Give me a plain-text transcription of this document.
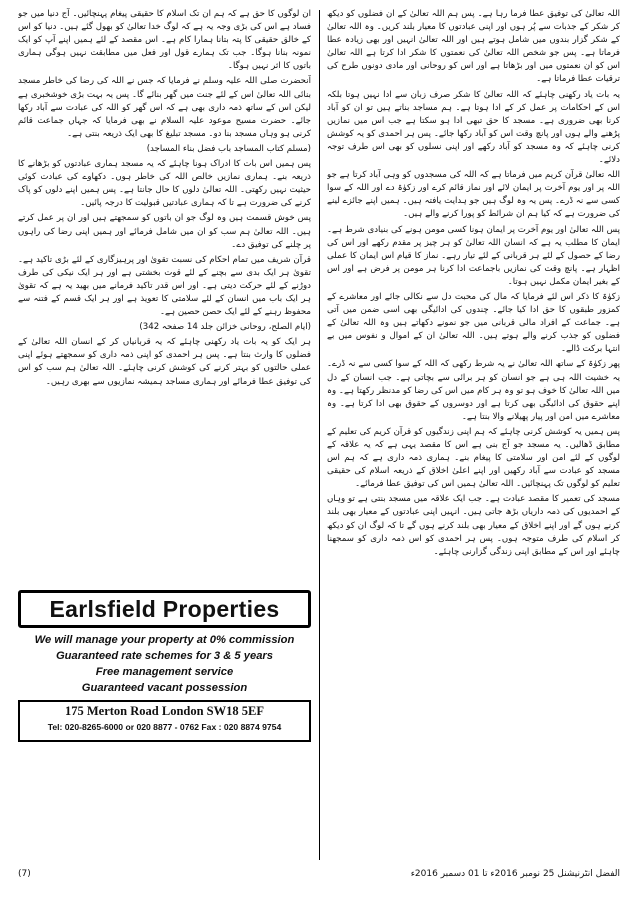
اللہ تعالیٰ کی توفیق عطا فرما رہا ہے۔ پس ہم اللہ تعالیٰ کے ان فضلوں کو دیکھ کر شکر کے جذبات سے پُر ہوں اور اپنی عبادتوں کا معیار بلند کریں۔ وہ اللہ تعالیٰ کے شکر گزار بندوں میں شامل ہوتے ہیں اور اللہ تعالیٰ انہیں اور بھی زیادہ عطا فرماتا ہے۔ پس جو شخص اللہ تعالیٰ کی نعمتوں کا شکر ادا کرتا ہے اللہ تعالیٰ اس کو ان نعمتوں میں اور بڑھاتا ہے اور اس کو روحانی اور مادی دونوں طرح کی ترقیات عطا فرماتا ہے۔

یہ بات یاد رکھنی چاہئے کہ اللہ تعالیٰ کا شکر صرف زبان سے ادا نہیں ہوتا بلکہ اس کے احکامات پر عمل کر کے ادا ہوتا ہے۔ ہم مساجد بناتے ہیں تو ان کو آباد کرنا بھی ضروری ہے۔ مسجد کا حق تبھی ادا ہو سکتا ہے جب اس میں نمازیں پڑھنے والے ہوں اور پانچ وقت اس کو آباد رکھا جائے۔ پس ہر احمدی کو یہ کوشش کرنی چاہئے کہ وہ مسجد کو آباد رکھے اور اپنی نسلوں کو بھی اس طرف توجہ دلائے۔

اللہ تعالیٰ قرآن کریم میں فرماتا ہے کہ اللہ کی مسجدوں کو وہی آباد کرتا ہے جو اللہ پر اور یوم آخرت پر ایمان لائے اور نماز قائم کرے اور زکوٰۃ دے اور اللہ کے سوا کسی سے نہ ڈرے۔ پس یہ وہ لوگ ہیں جو ہدایت یافتہ ہیں۔ ہمیں اپنے جائزے لینے کی ضرورت ہے کہ کیا ہم ان شرائط کو پورا کرنے والے ہیں۔

پس اللہ تعالیٰ اور یوم آخرت پر ایمان ہونا کسی مومن ہونے کی بنیادی شرط ہے۔ ایمان کا مطلب یہ ہے کہ انسان اللہ تعالیٰ کو ہر چیز پر مقدم رکھے اور اس کی رضا کے حصول کے لئے ہر قربانی کے لئے تیار رہے۔ نماز کا قیام اس ایمان کا عملی اظہار ہے۔ پانچ وقت کی نمازیں باجماعت ادا کرنا ہر مومن پر فرض ہے اور اس کے بغیر ایمان مکمل نہیں ہوتا۔

زکوٰۃ کا ذکر اس لئے فرمایا کہ مال کی محبت دل سے نکالی جائے اور معاشرے کے کمزور طبقوں کا حق ادا کیا جائے۔ چندوں کی ادائیگی بھی اسی ضمن میں آتی ہے۔ جماعت کے افراد مالی قربانی میں جو نمونے دکھاتے ہیں وہ اللہ تعالیٰ کے فضلوں کو جذب کرنے والے ہوتے ہیں۔ اللہ تعالیٰ ان کے اموال و نفوس میں بے انتہا برکت ڈالے۔

پھر زکوٰۃ کے ساتھ اللہ تعالیٰ نے یہ شرط رکھی کہ اللہ کے سوا کسی سے نہ ڈرے۔ یہ خشیت اللہ ہی ہے جو انسان کو ہر برائی سے بچاتی ہے۔ جب انسان کے دل میں اللہ تعالیٰ کا خوف ہو تو وہ ہر کام میں اس کی رضا کو مدنظر رکھتا ہے۔ وہ اپنے حقوق کی ادائیگی بھی کرتا ہے اور دوسروں کے حقوق بھی ادا کرتا ہے۔ وہ معاشرے میں امن اور پیار پھیلانے والا بنتا ہے۔

پس ہمیں یہ کوشش کرنی چاہئے کہ ہم اپنی زندگیوں کو قرآن کریم کی تعلیم کے مطابق ڈھالیں۔ یہ مسجد جو آج بنی ہے اس کا مقصد یہی ہے کہ یہ علاقہ کے لوگوں کے لئے امن اور سلامتی کا پیغام بنے۔ ہماری ذمہ داری ہے کہ ہم اس مسجد کو عبادت سے آباد رکھیں اور اپنے اعلیٰ اخلاق کے ذریعہ اسلام کی حقیقی تعلیم کو لوگوں تک پہنچائیں۔ اللہ تعالیٰ ہمیں اس کی توفیق عطا فرمائے۔

مسجد کی تعمیر کا مقصد عبادت ہے۔ جب ایک علاقہ میں مسجد بنتی ہے تو وہاں کے احمدیوں کی ذمہ داریاں بڑھ جاتی ہیں۔ انہیں اپنی عبادتوں کے معیار بھی بلند کرنے ہوں گے اور اپنے اخلاق کے معیار بھی بلند کرنے ہوں گے تا کہ لوگ ان کو دیکھ کر اسلام کی طرف متوجہ ہوں۔ پس ہر احمدی کو اس ذمہ داری کو سمجھنا چاہئے اور اس کے مطابق اپنی زندگی گزارنی چاہئے۔

ان لوگوں کا حق ہے کہ ہم ان تک اسلام کا حقیقی پیغام پہنچائیں۔ آج دنیا میں جو فساد ہے اس کی بڑی وجہ یہ ہے کہ لوگ خدا تعالیٰ کو بھول گئے ہیں۔ دنیا کو اس کے خالق حقیقی کا پتہ بتانا ہمارا کام ہے۔ اس مقصد کے لئے ہمیں اپنے آپ کو ایک نمونہ بنانا ہوگا۔ جب تک ہمارے قول اور فعل میں مطابقت نہیں ہوگی ہماری باتوں کا اثر نہیں ہوگا۔

آنحضرت صلی اللہ علیہ وسلم نے فرمایا کہ جس نے اللہ کی رضا کی خاطر مسجد بنائی اللہ تعالیٰ اس کے لئے جنت میں گھر بنائے گا۔ پس یہ بہت بڑی خوشخبری ہے لیکن اس کے ساتھ ذمہ داری بھی ہے کہ اس گھر کو اللہ کی عبادت سے آباد رکھا جائے۔ حضرت مسیح موعود علیہ السلام نے بھی فرمایا کہ جہاں جماعت قائم کرنی ہو وہاں مسجد بنا دو۔ مسجد تبلیغ کا بھی ایک ذریعہ بنتی ہے۔

(مسلم کتاب المساجد باب فضل بناء المساجد)

پس ہمیں اس بات کا ادراک ہونا چاہئے کہ یہ مسجد ہماری عبادتوں کو بڑھانے کا ذریعہ بنے۔ ہماری نمازیں خالص اللہ کی خاطر ہوں۔ دکھاوے کی عبادت کوئی حیثیت نہیں رکھتی۔ اللہ تعالیٰ دلوں کا حال جانتا ہے۔ پس ہمیں اپنے دلوں کو پاک کرنے کی ضرورت ہے تا کہ ہماری عبادتیں قبولیت کا درجہ پائیں۔

پس خوش قسمت ہیں وہ لوگ جو ان باتوں کو سمجھتے ہیں اور ان پر عمل کرتے ہیں۔ اللہ تعالیٰ ہم سب کو ان میں شامل فرمائے اور ہمیں اپنی رضا کی راہوں پر چلنے کی توفیق دے۔

قرآن شریف میں تمام احکام کی نسبت تقویٰ اور پرہیزگاری کے لئے بڑی تاکید ہے۔ تقویٰ ہر ایک بدی سے بچنے کے لئے قوت بخشتی ہے اور ہر ایک نیکی کی طرف دوڑنے کے لئے حرکت دیتی ہے۔ اور اس قدر تاکید فرمانے میں بھید یہ ہے کہ تقویٰ ہر ایک باب میں انسان کے لئے سلامتی کا تعویذ ہے اور ہر ایک قسم کے فتنہ سے محفوظ رہنے کے لئے ایک حصن حصین ہے۔

(ایام الصلح، روحانی خزائن جلد 14 صفحہ 342)

ہر ایک کو یہ بات یاد رکھنی چاہئے کہ یہ قربانیاں کر کے انسان اللہ تعالیٰ کے فضلوں کا وارث بنتا ہے۔ پس ہر احمدی کو اپنی ذمہ داری کو سمجھتے ہوئے اپنی عملی حالتوں کو بہتر کرنے کی کوشش کرنی چاہئے۔ اللہ تعالیٰ ہم سب کو اس کی توفیق عطا فرمائے اور ہماری مساجد ہمیشہ نمازیوں سے بھری رہیں۔

Earlsfield Properties
We will manage your property at 0% commission
Guaranteed rate schemes for 3 & 5 years
Free management service
Guaranteed vacant possession
175 Merton Road London SW18 5EF
Tel: 020-8265-6000 or 020 8877 - 0762 Fax : 020 8874 9754
الفضل انٹرنیشنل 25 نومبر 2016ء تا 01 دسمبر 2016ء
(7)
